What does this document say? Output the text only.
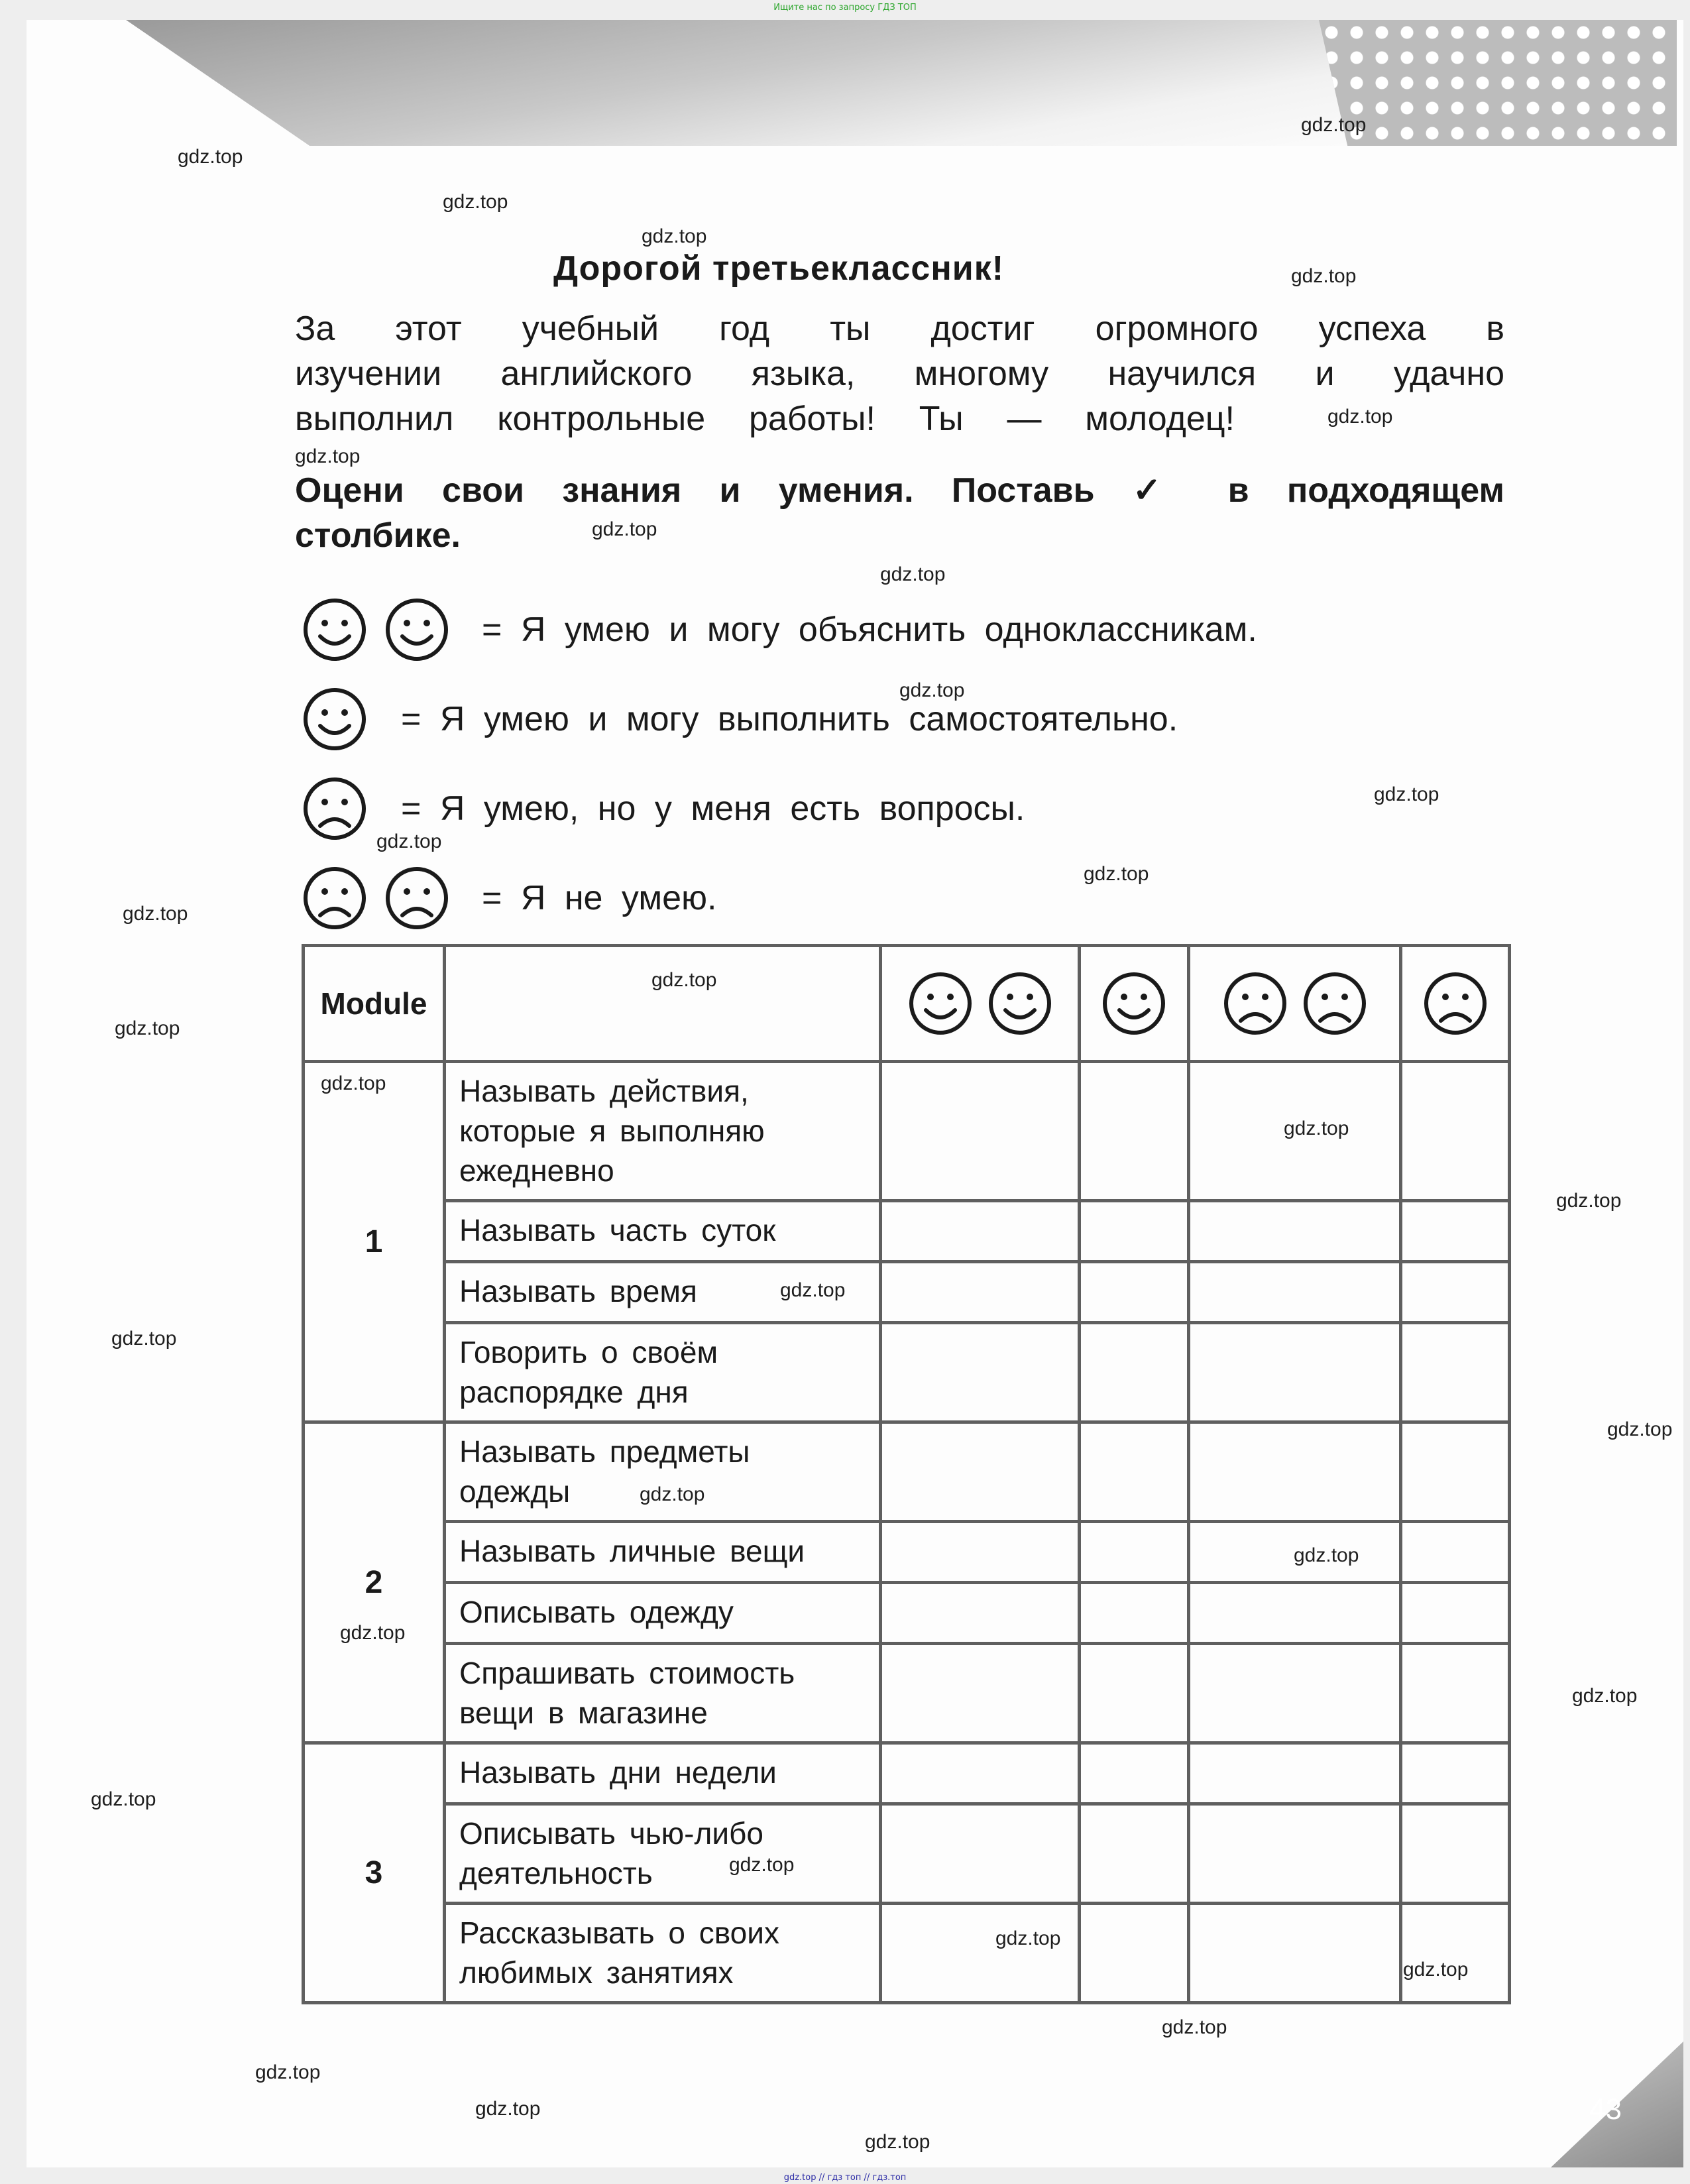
Ищите нас по запросу ГДЗ ТОП
43
Дорогой третьеклассник!
За этот учебный год ты достиг огромного успеха в
изучении английского языка, многому научился и удачно
выполнил контрольные работы! Ты — молодец!
Оцени свои знания и умения. Поставь ✓ в подходящем
столбике.
= Я умею и могу объяснить одноклассникам.
= Я умею и могу выполнить самостоятельно.
= Я умею, но у меня есть вопросы.
= Я не умею.
Module		

1	Называть действия, которые я выполняю ежедневно				
	Называть часть суток				
	Называть время				
	Говорить о своём распорядке дня				
2	Называть предметы одежды				
	Называть личные вещи				
	Описывать одежду				
	Спрашивать стоимость вещи в магазине				
3	Называть дни недели				
	Описывать чью-либо деятельность				
	Рассказывать о своих любимых занятиях				
gdz.top
gdz.top
gdz.top
gdz.top
gdz.top
gdz.top
gdz.top
gdz.top
gdz.top
gdz.top
gdz.top
gdz.top
gdz.top
gdz.top
gdz.top
gdz.top
gdz.top
gdz.top
gdz.top
gdz.top
gdz.top
gdz.top
gdz.top
gdz.top
gdz.top
gdz.top
gdz.top
gdz.top
gdz.top
gdz.top
gdz.top
gdz.top
gdz.top
gdz.top
gdz.top // гдз топ // гдз.топ
